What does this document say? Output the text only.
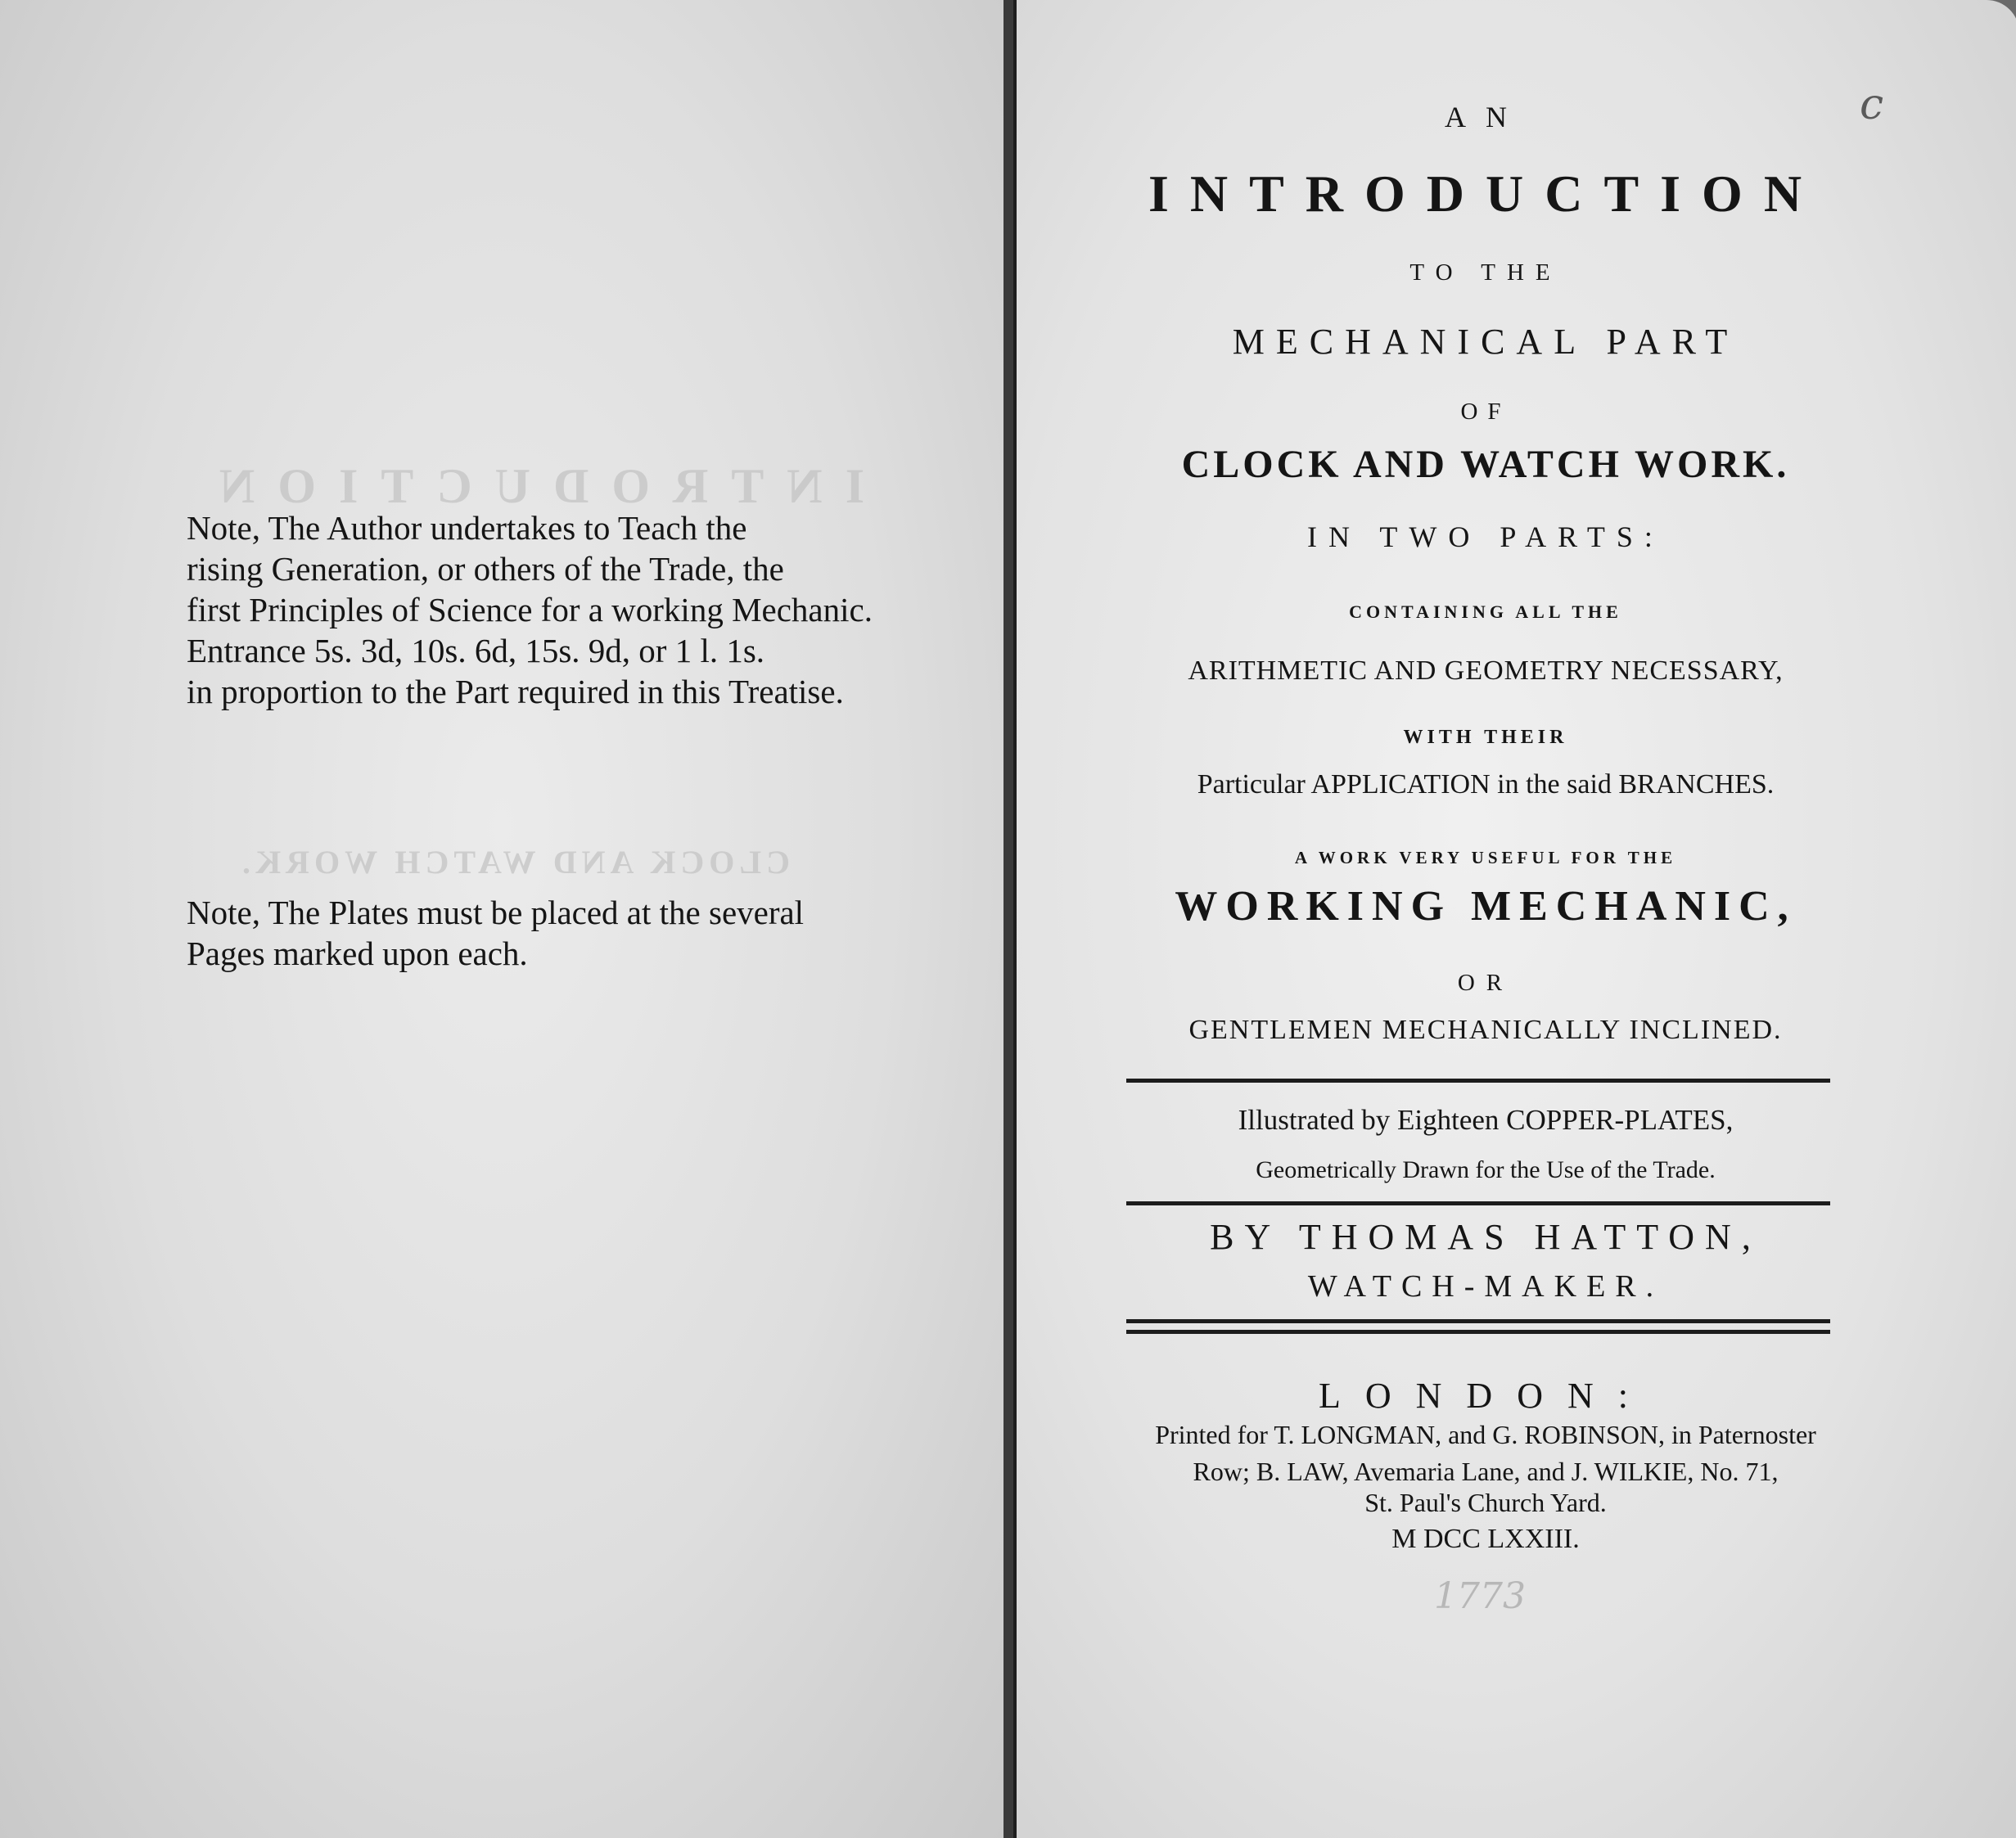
INTRODUCTION
CLOCK AND WATCH WORK.

Note, The Author undertakes to Teach the

rising Generation, or others of the Trade, the

first Principles of Science for a working Mechanic.

Entrance 5s. 3d, 10s. 6d, 15s. 9d, or 1 l. 1s.

in proportion to the Part required in this Treatise.

Note, The Plates must be placed at the several

Pages marked upon each.

AN
INTRODUCTION
TO THE
MECHANICAL PART
OF
CLOCK AND WATCH WORK.
IN TWO PARTS:
CONTAINING ALL THE
ARITHMETIC AND GEOMETRY NECESSARY,
WITH THEIR
Particular APPLICATION in the said BRANCHES.
A WORK VERY USEFUL FOR THE
WORKING MECHANIC,
OR
GENTLEMEN MECHANICALLY INCLINED.
Illustrated by Eighteen COPPER-PLATES,
Geometrically Drawn for the Use of the Trade.
BY THOMAS HATTON,
WATCH-MAKER.
LONDON:
Printed for T. LONGMAN, and G. ROBINSON, in Paternoster
Row; B. LAW, Avemaria Lane, and J. WILKIE, No. 71,
St. Paul's Church Yard.
M DCC LXXIII.
c
1773
